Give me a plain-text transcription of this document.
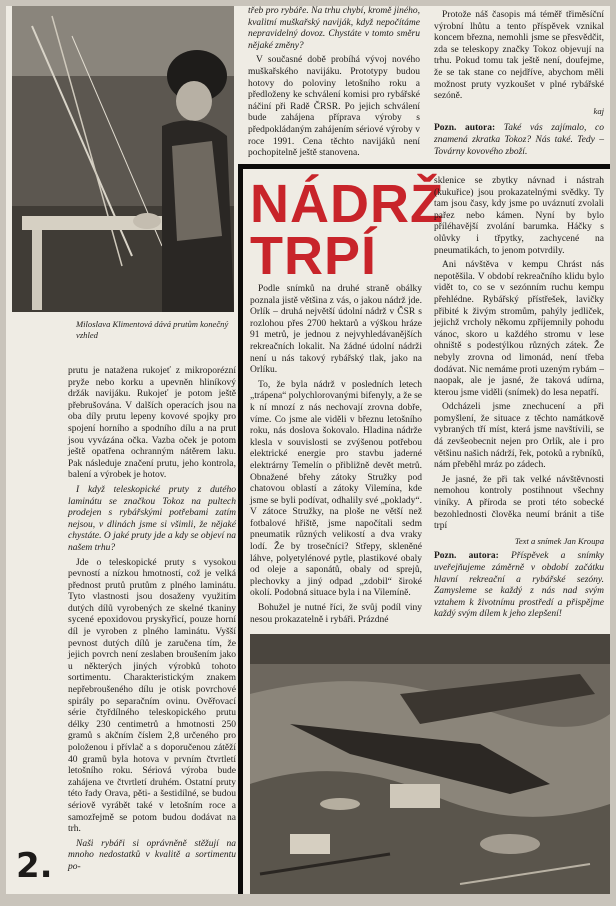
Miloslava Klimentová dává prutům konečný vzhled

třeb pro rybáře. Na trhu chybí, kromě jiného, kvalitní muškařský naviják, když nepočítáme nepravidelný dovoz. Chystáte v tomto směru nějaké změny?

V současné době probíhá vývoj nového muškařského navijáku. Prototypy budou hotovy do poloviny letošního roku a předloženy ke schválení komisi pro rybářské náčiní při Radě ČRSR. Po jejich schválení bude zahájena příprava výroby s předpokládaným zahájením sériové výroby v roce 1991. Cena těchto navijáků není pochopitelně ještě stanovena.

Protože náš časopis má téměř třiměsíční výrobní lhůtu a tento příspěvek vznikal koncem března, nemohli jsme se přesvědčit, zda se teleskopy značky Tokoz objevují na trhu. Pokud tomu tak ještě není, doufejme, že se tak stane co nejdříve, abychom měli možnost pruty vyzkoušet v plné rybářské sezóně.

kaj

Pozn. autora: Také vás zajímalo, co znamená zkratka Tokoz? Nás také. Tedy – Továrny kovového zboží.

prutu je natažena rukojeť z mikroporézní pryže nebo korku a upevněn hliníkový držák navijáku. Rukojeť je potom ještě přebrušována. V dalších operacích jsou na oba díly prutu lepeny kovové spojky pro spojení horního a spodního dílu a na prut jsou vyvázána očka. Vazba oček je potom ještě opatřena ochranným nátěrem laku. Pak následuje značení prutu, jeho kontrola, balení a výrobek je hotov.

I když teleskopické pruty z dutého laminátu se značkou Tokoz na pultech prodejen s rybářskými potřebami zatím nejsou, v dlinách jsme si všimli, že nějaké chystáte. O jaké pruty jde a kdy se objeví na našem trhu?

Jde o teleskopické pruty s vysokou pevností a nízkou hmotností, což je velká přednost prutů prutům z plného laminátu. Tyto vlastnosti jsou dosaženy využitím dutých dílů vyrobených ze skelné tkaniny sycené epoxidovou pryskyřicí, pouze horní díl je vyroben z plného laminátu. Vyšší pevnost dutých dílů je zaručena tím, že jejich povrch není zeslaben broušením jako u některých jiných výrobků tohoto sortimentu. Charakteristickým znakem nepřebroušeného dílu je otisk povrchové spirály po separačním ovinu. Ověřovací série čtyřdílného teleskopického prutu délky 230 centimetrů a hmotnosti 250 gramů s akčním číslem 2,8 určeného pro položenou i přívlač a s doporučenou zátěží 40 gramů byla hotova v prvním čtvrtletí letošního roku. Sériová výroba bude zahájena ve čtvrtletí druhém. Ostatní pruty této řady Orava, pěti- a šestidílné, se budou sériově vyrábět také v letošním roce a samozřejmě se potom budou dodávat na trh.

Naši rybáři si oprávněně stěžují na mnoho nedostatků v kvalitě a sortimentu po-

2.
NÁDRŽ
TRPÍ

Podle snímků na druhé straně obálky poznala jistě většina z vás, o jakou nádrž jde. Orlík – druhá největší údolní nádrž v ČSR s rozlohou přes 2700 hektarů a výškou hráze 91 metrů, je jednou z nejvyhledávanějších rekreačních lokalit. Na žádné údolní nádrži není u nás takový rybářský tlak, jako na Orlíku.

To, že byla nádrž v posledních letech „trápena“ polychlorovanými bifenyly, a že se k ní mnozí z nás nechovají zrovna dobře, víme. Co jsme ale viděli v březnu letošního roku, nás doslova šokovalo. Hladina nádrže klesla v souvislosti se zvýšenou potřebou elektrické energie pro stavbu jaderné elektrárny Temelín o přibližně devět metrů. Obnažené břehy zátoky Stružky pod chatovou oblastí a zátoky Vilemína, kde jsme se byli podívat, odhalily své „poklady“. V zátoce Stružky, na ploše ne větší než fotbalové hřiště, jsme napočítali sedm pneumatik různých velikostí a dva vraky lodí. Že by trosečníci? Střepy, skleněné láhve, polyetylénové pytle, plastikové obaly od oleje a saponátů, obaly od sprejů, plechovky a jiný odpad „zdobil“ široké okolí. Podobná situace byla i na Vilemíně.

Bohužel je nutné říci, že svůj podíl viny nesou prokazatelně i rybáři. Prázdné

sklenice se zbytky návnad i nástrah (kukuřice) jsou prokazatelnými svědky. Ty tam jsou časy, kdy jsme po uváznutí zvolali pařez nebo kámen. Nyní by bylo příléhavější zvolání barumka. Háčky s olůvky i třpytky, zachycené na pneumatikách, to jenom potvrdily.

Ani návštěva v kempu Chrást nás nepotěšila. V období rekreačního klidu bylo vidět to, co se v sezónním ruchu kempu přehlédne. Rybářský přístřešek, lavičky přibité k živým stromům, pahýly jedliček, jejichž vrcholy někomu zpříjemnily pohodu vánoc, skoro u každého stromu v lese ohniště s podestýlkou různých zátek. Že nebyly zrovna od limonád, není třeba dodávat. Nic nemáme proti uzeným rybám – naopak, ale je jasné, že taková udírna, kterou jsme viděli (snímek) do lesa nepatří.

Odcházeli jsme znechucení a při pomyšlení, že situace z těchto namátkově vybraných tří míst, která jsme navštívili, se dá zevšeobecnit nejen pro Orlík, ale i pro většinu našich nádrží, řek, potoků a rybníků, nám přeběhl mráz po zádech.

Je jasné, že při tak velké návštěvnosti nemohou kontroly postihnout všechny viníky. A příroda se proti této sobecké bezohlednosti člověka neumí bránit a tiše trpí

Text a snímek Jan Kroupa

Pozn. autora: Příspěvek a snímky uveřejňujeme záměrně v období začátku hlavní rekreační a rybářské sezóny. Zamysleme se každý z nás nad svým vztahem k životnímu prostředí a přispějme každý svým dílem k jeho zlepšení!
